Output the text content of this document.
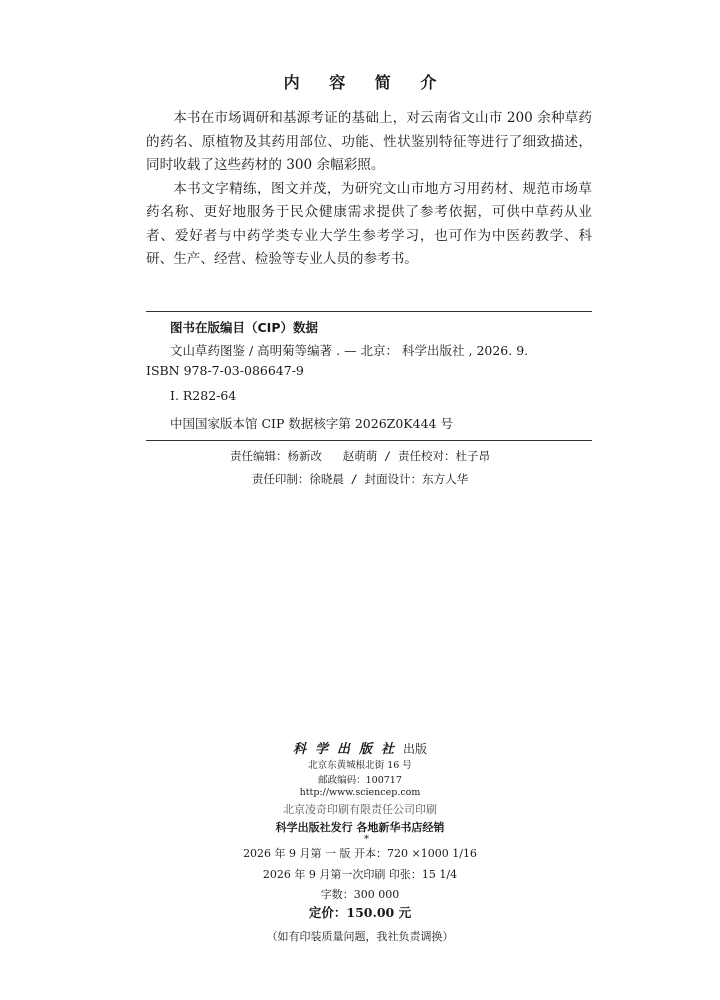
内 容 简 介

本书在市场调研和基源考证的基础上，对云南省文山市 200 余种草药的药名、原植物及其药用部位、功能、性状鉴别特征等进行了细致描述，同时收载了这些药材的 300 余幅彩照。

本书文字精练，图文并茂，为研究文山市地方习用药材、规范市场草药名称、更好地服务于民众健康需求提供了参考依据，可供中草药从业者、爱好者与中药学类专业大学生参考学习，也可作为中医药教学、科研、生产、经营、检验等专业人员的参考书。

图书在版编目（CIP）数据
文山草药图鉴 / 高明菊等编著 . — 北京： 科学出版社 , 2026. 9.
ISBN 978-7-03-086647-9
Ⅰ. R282-64
中国国家版本馆 CIP 数据核字第 2026Z0K444 号
责任编辑：杨新改   赵萌萌 / 责任校对：杜子昂
责任印制：徐晓晨 / 封面设计：东方人华
科学出版社出版
北京东黄城根北街 16 号
邮政编码：100717
http://www.sciencep.com
北京凌奇印刷有限责任公司印刷
科学出版社发行 各地新华书店经销
*
2026 年 9 月第 一 版 开本：720 ×1000 1/16
2026 年 9 月第一次印刷 印张：15 1/4
字数：300 000
定价：150.00 元
（如有印装质量问题，我社负责调换）
